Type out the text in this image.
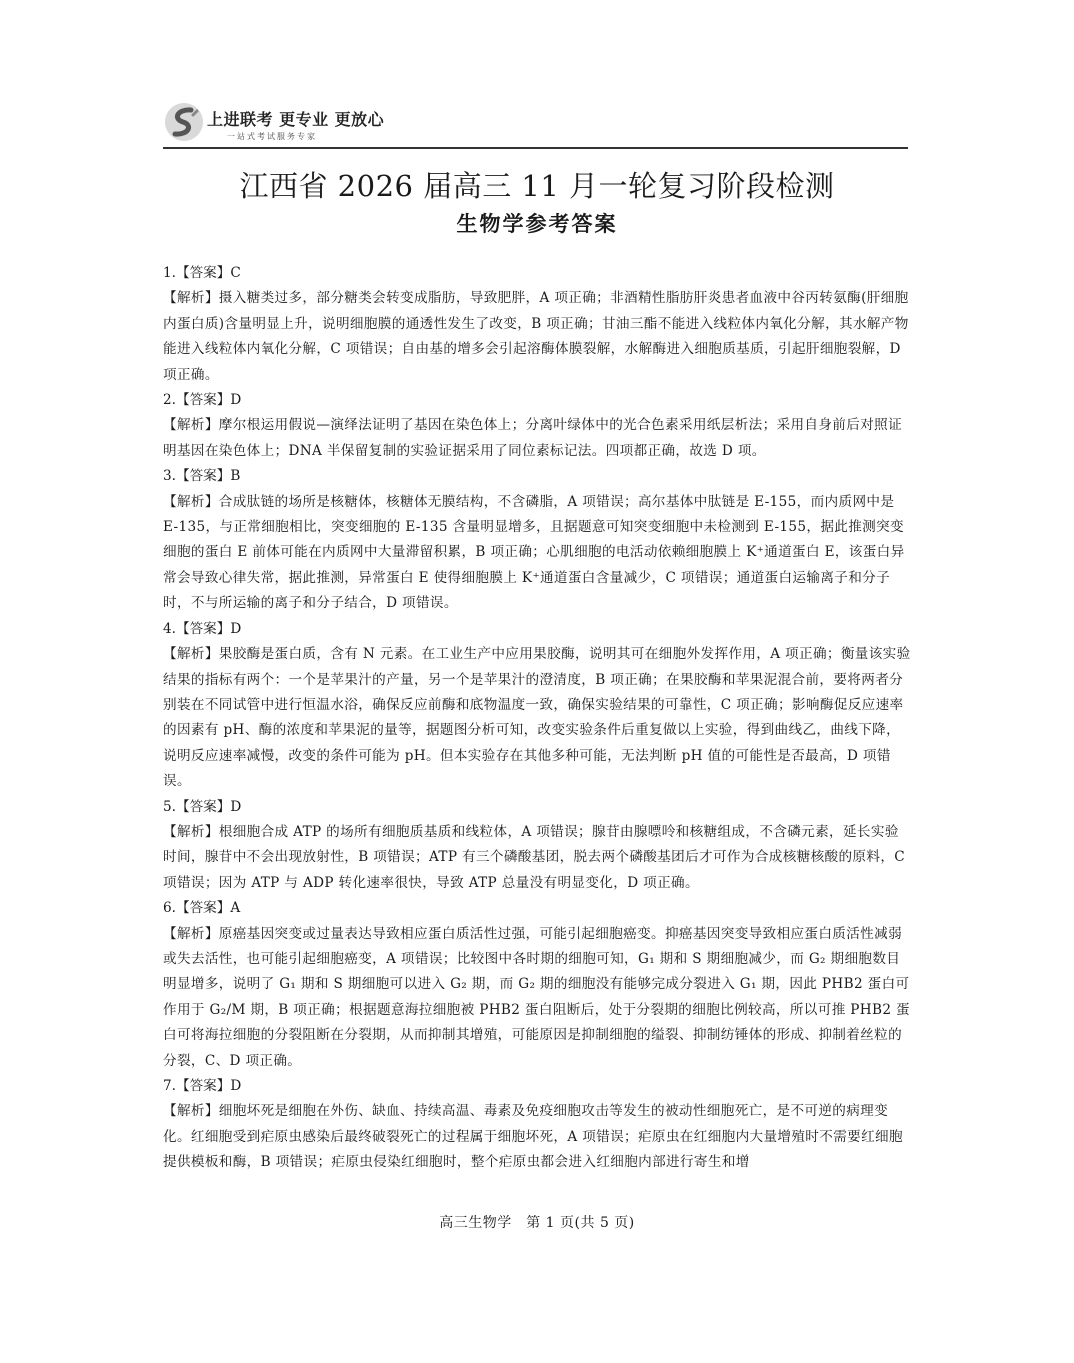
上进联考 更专业 更放心
一站式考试服务专家
江西省 2026 届高三 11 月一轮复习阶段检测
生物学参考答案
1.【答案】C
【解析】摄入糖类过多，部分糖类会转变成脂肪，导致肥胖，A 项正确；非酒精性脂肪肝炎患者血液中谷丙转氨酶(肝细胞内蛋白质)含量明显上升，说明细胞膜的通透性发生了改变，B 项正确；甘油三酯不能进入线粒体内氧化分解，其水解产物能进入线粒体内氧化分解，C 项错误；自由基的增多会引起溶酶体膜裂解，水解酶进入细胞质基质，引起肝细胞裂解，D 项正确。
2.【答案】D
【解析】摩尔根运用假说—演绎法证明了基因在染色体上；分离叶绿体中的光合色素采用纸层析法；采用自身前后对照证明基因在染色体上；DNA 半保留复制的实验证据采用了同位素标记法。四项都正确，故选 D 项。
3.【答案】B
【解析】合成肽链的场所是核糖体，核糖体无膜结构，不含磷脂，A 项错误；高尔基体中肽链是 E-155，而内质网中是 E-135，与正常细胞相比，突变细胞的 E-135 含量明显增多，且据题意可知突变细胞中未检测到 E-155，据此推测突变细胞的蛋白 E 前体可能在内质网中大量滞留积累，B 项正确；心肌细胞的电活动依赖细胞膜上 K⁺通道蛋白 E，该蛋白异常会导致心律失常，据此推测，异常蛋白 E 使得细胞膜上 K⁺通道蛋白含量减少，C 项错误；通道蛋白运输离子和分子时，不与所运输的离子和分子结合，D 项错误。
4.【答案】D
【解析】果胶酶是蛋白质，含有 N 元素。在工业生产中应用果胶酶，说明其可在细胞外发挥作用，A 项正确；衡量该实验结果的指标有两个：一个是苹果汁的产量，另一个是苹果汁的澄清度，B 项正确；在果胶酶和苹果泥混合前，要将两者分别装在不同试管中进行恒温水浴，确保反应前酶和底物温度一致，确保实验结果的可靠性，C 项正确；影响酶促反应速率的因素有 pH、酶的浓度和苹果泥的量等，据题图分析可知，改变实验条件后重复做以上实验，得到曲线乙，曲线下降，说明反应速率减慢，改变的条件可能为 pH。但本实验存在其他多种可能，无法判断 pH 值的可能性是否最高，D 项错误。
5.【答案】D
【解析】根细胞合成 ATP 的场所有细胞质基质和线粒体，A 项错误；腺苷由腺嘌呤和核糖组成，不含磷元素，延长实验时间，腺苷中不会出现放射性，B 项错误；ATP 有三个磷酸基团，脱去两个磷酸基团后才可作为合成核糖核酸的原料，C 项错误；因为 ATP 与 ADP 转化速率很快，导致 ATP 总量没有明显变化，D 项正确。
6.【答案】A
【解析】原癌基因突变或过量表达导致相应蛋白质活性过强，可能引起细胞癌变。抑癌基因突变导致相应蛋白质活性减弱或失去活性，也可能引起细胞癌变，A 项错误；比较图中各时期的细胞可知，G₁ 期和 S 期细胞减少，而 G₂ 期细胞数目明显增多，说明了 G₁ 期和 S 期细胞可以进入 G₂ 期，而 G₂ 期的细胞没有能够完成分裂进入 G₁ 期，因此 PHB2 蛋白可作用于 G₂/M 期，B 项正确；根据题意海拉细胞被 PHB2 蛋白阻断后，处于分裂期的细胞比例较高，所以可推 PHB2 蛋白可将海拉细胞的分裂阻断在分裂期，从而抑制其增殖，可能原因是抑制细胞的缢裂、抑制纺锤体的形成、抑制着丝粒的分裂，C、D 项正确。
7.【答案】D
【解析】细胞坏死是细胞在外伤、缺血、持续高温、毒素及免疫细胞攻击等发生的被动性细胞死亡，是不可逆的病理变化。红细胞受到疟原虫感染后最终破裂死亡的过程属于细胞坏死，A 项错误；疟原虫在红细胞内大量增殖时不需要红细胞提供模板和酶，B 项错误；疟原虫侵染红细胞时，整个疟原虫都会进入红细胞内部进行寄生和增
高三生物学　第 1 页(共 5 页)
